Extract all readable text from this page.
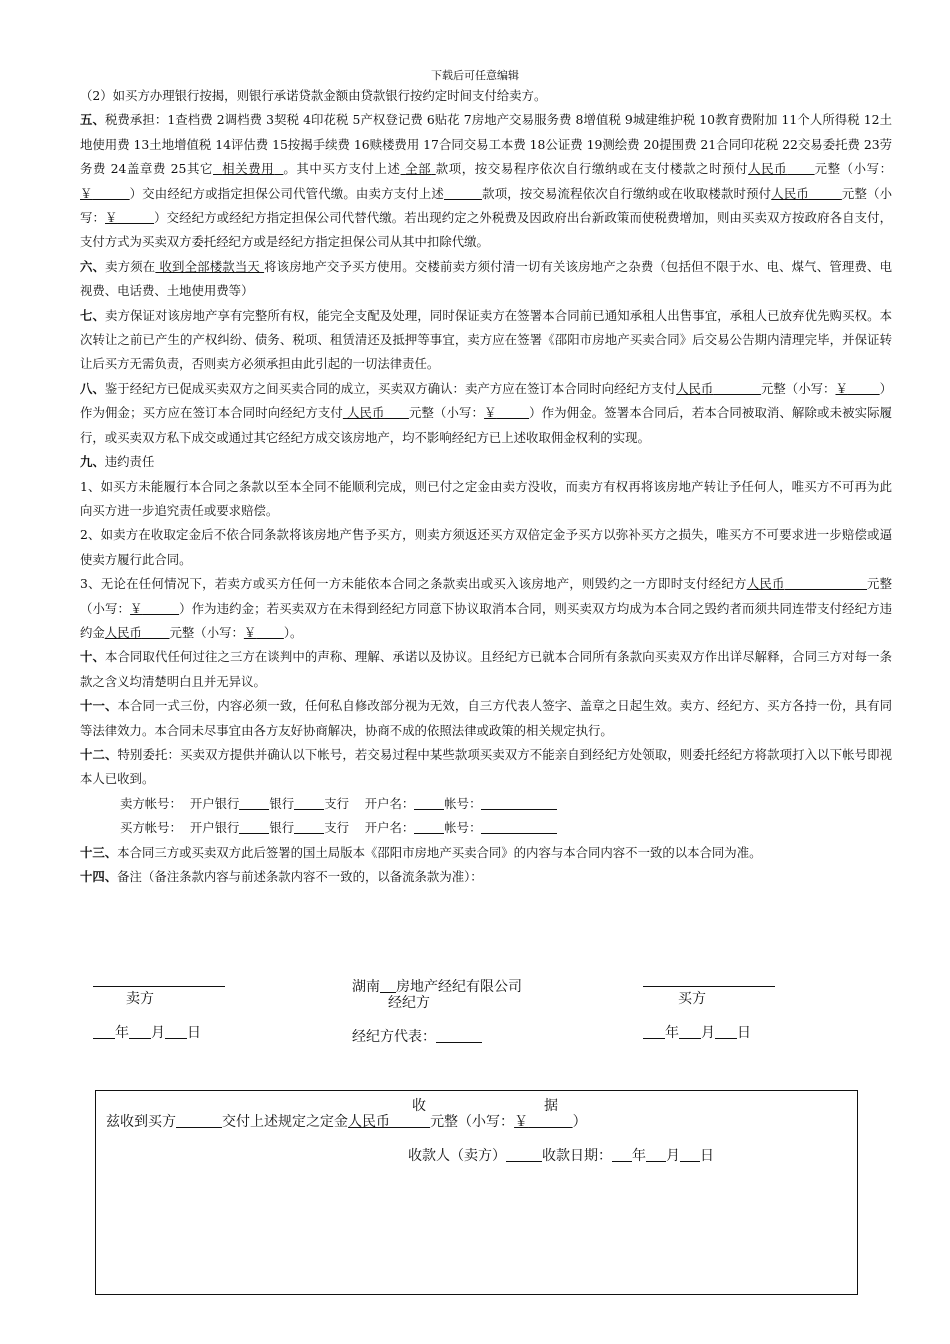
下载后可任意编辑

（2）如买方办理银行按揭，则银行承诺贷款金额由贷款银行按约定时间支付给卖方。

五、税费承担：1查档费 2调档费 3契税 4印花税 5产权登记费 6贴花 7房地产交易服务费 8增值税 9城建维护税 10教育费附加 11个人所得税 12土地使用费 13土地增值税 14评估费 15按揭手续费 16赎楼费用 17合同交易工本费 18公证费 19测绘费 20提围费 21合同印花税 22交易委托费 23劳务费 24盖章费 25其它 相关费用 。其中买方支付上述 全部 款项，按交易程序依次自行缴纳或在支付楼款之时预付人民币 元整（小写：￥	）交由经纪方或指定担保公司代管代缴。由卖方支付上述	款项，按交易流程依次自行缴纳或在收取楼款时预付人民币	元整（小写：￥	）交经纪方或经纪方指定担保公司代替代缴。若出现约定之外税费及因政府出台新政策而使税费增加，则由买卖双方按政府各自支付，支付方式为买卖双方委托经纪方或是经纪方指定担保公司从其中扣除代缴。

六、卖方须在 收到全部楼款当天 将该房地产交予买方使用。交楼前卖方须付清一切有关该房地产之杂费（包括但不限于水、电、煤气、管理费、电视费、电话费、土地使用费等）

七、卖方保证对该房地产享有完整所有权，能完全支配及处理，同时保证卖方在签署本合同前已通知承租人出售事宜，承租人已放弃优先购买权。本次转让之前已产生的产权纠纷、债务、税项、租赁清还及抵押等事宜，卖方应在签署《邵阳市房地产买卖合同》后交易公告期内清理完毕，并保证转让后买方无需负责，否则卖方必须承担由此引起的一切法律责任。

八、鉴于经纪方已促成买卖双方之间买卖合同的成立，买卖双方确认：卖产方应在签订本合同时向经纪方支付人民币	元整（小写：￥	）作为佣金；买方应在签订本合同时向经纪方支付 人民币 元整（小写：￥	）作为佣金。签署本合同后，若本合同被取消、解除或未被实际履行，或买卖双方私下成交或通过其它经纪方成交该房地产，均不影响经纪方已上述收取佣金权利的实现。

九、违约责任

1、如买方未能履行本合同之条款以至本全同不能顺利完成，则已付之定金由卖方没收，而卖方有权再将该房地产转让予任何人，唯买方不可再为此向买方进一步追究责任或要求赔偿。

2、如卖方在收取定金后不依合同条款将该房地产售予买方，则卖方须返还买方双倍定金予买方以弥补买方之损失，唯买方不可要求进一步赔偿或逼使卖方履行此合同。

3、无论在任何情况下，若卖方或买方任何一方未能依本合同之条款卖出或买入该房地产，则毁约之一方即时支付经纪方人民币	元整（小写：￥	）作为违约金；若买卖双方在未得到经纪方同意下协议取消本合同，则买卖双方均成为本合同之毁约者而须共同连带支付经纪方违约金人民币 元整（小写：￥ ）。

十、本合同取代任何过往之三方在谈判中的声称、理解、承诺以及协议。且经纪方已就本合同所有条款向买卖双方作出详尽解释，合同三方对每一条款之含义均清楚明白且并无异议。

十一、本合同一式三份，内容必须一致，任何私自修改部分视为无效，自三方代表人签字、盖章之日起生效。卖方、经纪方、买方各持一份，具有同等法律效力。本合同未尽事宜由各方友好协商解决，协商不成的依照法律或政策的相关规定执行。

十二、特别委托：买卖双方提供并确认以下帐号，若交易过程中某些款项买卖双方不能亲自到经纪方处领取，则委托经纪方将款项打入以下帐号即视本人已收到。

卖方帐号： 开户银行 银行 支行 开户名： 帐号：

买方帐号： 开户银行 银行 支行 开户名： 帐号：

十三、本合同三方或买卖双方此后签署的国土局版本《邵阳市房地产买卖合同》的内容与本合同内容不一致的以本合同为准。

十四、备注（备注条款内容与前述条款内容不一致的，以备流条款为准）：

卖方
年 月 日
湖南 房地产经纪有限公司
经纪方
经纪方代表：
买方
年 月 日
收	据
兹收到买方	交付上述规定之定金人民币	元整（小写：￥	）
收款人（卖方）	收款日期： 年 月 日
